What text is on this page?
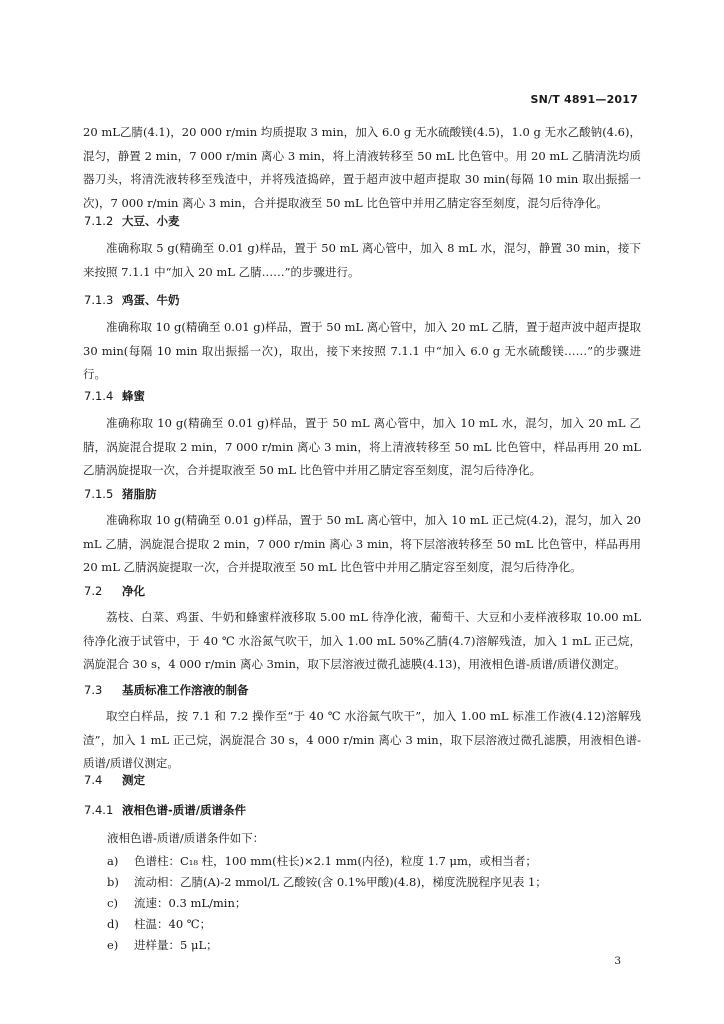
SN/T 4891—2017
20 mL乙腈(4.1)，20 000 r/min 均质提取 3 min，加入 6.0 g 无水硫酸镁(4.5)，1.0 g 无水乙酸钠(4.6)，混匀，静置 2 min，7 000 r/min 离心 3 min，将上清液转移至 50 mL 比色管中。用 20 mL 乙腈清洗均质器刀头，将清洗液转移至残渣中，并将残渣捣碎，置于超声波中超声提取 30 min(每隔 10 min 取出振摇一次)，7 000 r/min 离心 3 min，合并提取液至 50 mL 比色管中并用乙腈定容至刻度，混匀后待净化。
7.1.2 大豆、小麦
准确称取 5 g(精确至 0.01 g)样品，置于 50 mL 离心管中，加入 8 mL 水，混匀，静置 30 min，接下来按照 7.1.1 中“加入 20 mL 乙腈……”的步骤进行。
7.1.3 鸡蛋、牛奶
准确称取 10 g(精确至 0.01 g)样品，置于 50 mL 离心管中，加入 20 mL 乙腈，置于超声波中超声提取 30 min(每隔 10 min 取出振摇一次)，取出，接下来按照 7.1.1 中“加入 6.0 g 无水硫酸镁……”的步骤进行。
7.1.4 蜂蜜
准确称取 10 g(精确至 0.01 g)样品，置于 50 mL 离心管中，加入 10 mL 水，混匀，加入 20 mL 乙腈，涡旋混合提取 2 min，7 000 r/min 离心 3 min，将上清液转移至 50 mL 比色管中，样品再用 20 mL 乙腈涡旋提取一次，合并提取液至 50 mL 比色管中并用乙腈定容至刻度，混匀后待净化。
7.1.5 猪脂肪
准确称取 10 g(精确至 0.01 g)样品，置于 50 mL 离心管中，加入 10 mL 正己烷(4.2)，混匀，加入 20 mL 乙腈，涡旋混合提取 2 min，7 000 r/min 离心 3 min，将下层溶液转移至 50 mL 比色管中，样品再用 20 mL 乙腈涡旋提取一次，合并提取液至 50 mL 比色管中并用乙腈定容至刻度，混匀后待净化。
7.2 净化
荔枝、白菜、鸡蛋、牛奶和蜂蜜样液移取 5.00 mL 待净化液，葡萄干、大豆和小麦样液移取 10.00 mL 待净化液于试管中，于 40 ℃ 水浴氮气吹干，加入 1.00 mL 50%乙腈(4.7)溶解残渣，加入 1 mL 正己烷，涡旋混合 30 s，4 000 r/min 离心 3min，取下层溶液过微孔滤膜(4.13)，用液相色谱-质谱/质谱仪测定。
7.3 基质标准工作溶液的制备
取空白样品，按 7.1 和 7.2 操作至“于 40 ℃ 水浴氮气吹干”，加入 1.00 mL 标准工作液(4.12)溶解残渣”，加入 1 mL 正己烷，涡旋混合 30 s，4 000 r/min 离心 3 min，取下层溶液过微孔滤膜，用液相色谱-质谱/质谱仪测定。
7.4 测定
7.4.1 液相色谱-质谱/质谱条件
液相色谱-质谱/质谱条件如下：
a) 色谱柱：C₁₈ 柱，100 mm(柱长)×2.1 mm(内径)，粒度 1.7 μm，或相当者；
b) 流动相：乙腈(A)-2 mmol/L 乙酸铵(含 0.1%甲酸)(4.8)，梯度洗脱程序见表 1；
c) 流速：0.3 mL/min；
d) 柱温：40 ℃；
e) 进样量：5 μL；
3
